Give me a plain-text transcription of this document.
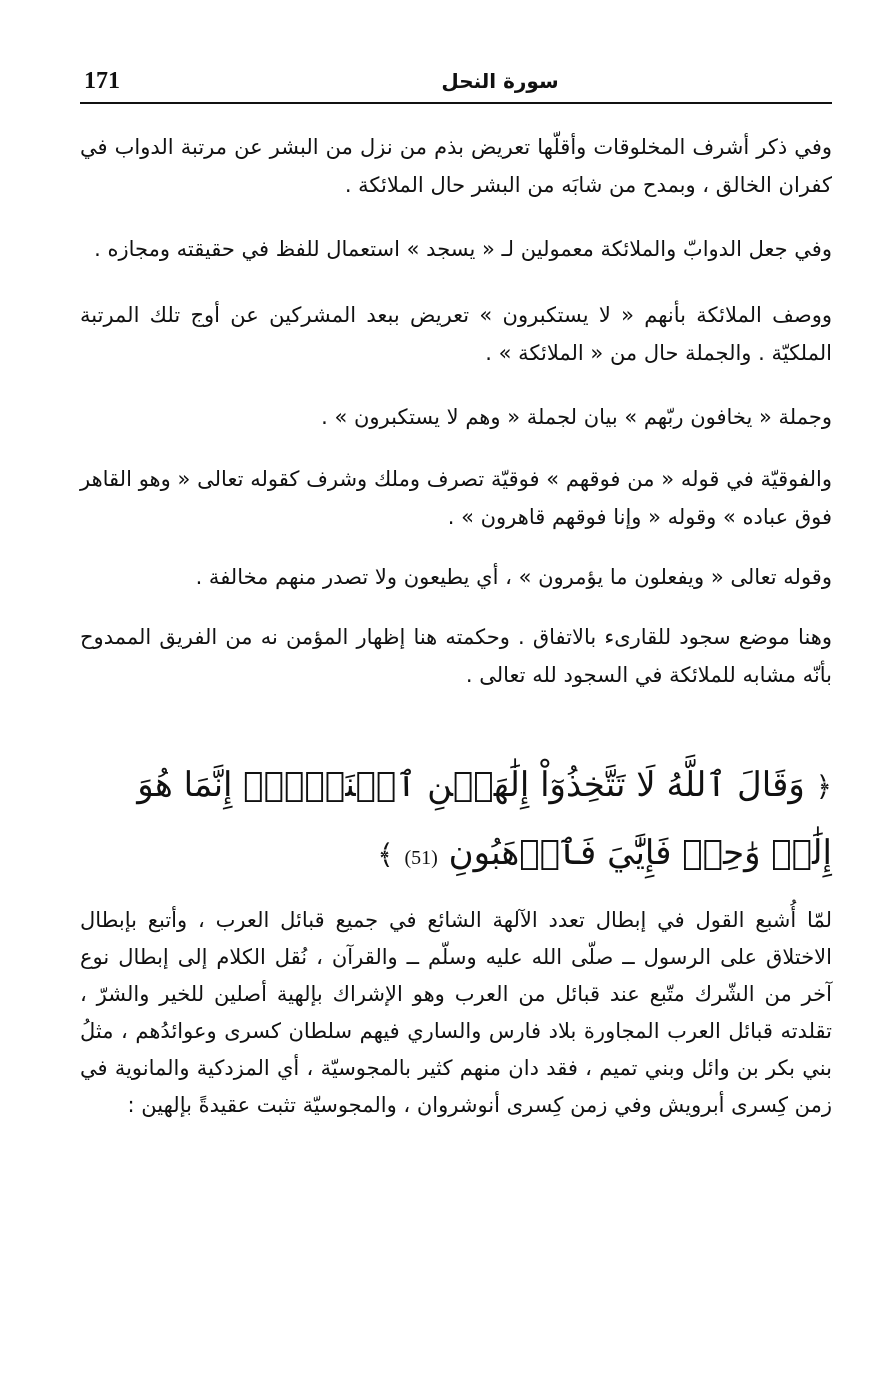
171	سورة النحل

وفي ذكر أشرف المخلوقات وأقلّها تعريض بذم من نزل من البشر عن مرتبة الدواب في كفران الخالق ، وبمدح من شابَه من البشر حال الملائكة .

وفي جعل الدوابّ والملائكة معمولين لـ « يسجد » استعمال للفظ في حقيقته ومجازه .

ووصف الملائكة بأنهم « لا يستكبرون » تعريض ببعد المشركين عن أوج تلك المرتبة الملكيّة . والجملة حال من « الملائكة » .

وجملة « يخافون ربّهم » بيان لجملة « وهم لا يستكبرون » .

والفوقيّة في قوله « من فوقهم » فوقيّة تصرف وملك وشرف كقوله تعالى « وهو القاهر فوق عباده » وقوله « وإنا فوقهم قاهرون » .

وقوله تعالى « ويفعلون ما يؤمرون » ، أي يطيعون ولا تصدر منهم مخالفة .

وهنا موضع سجود للقارىء بالاتفاق . وحكمته هنا إظهار المؤمن نه من الفريق الممدوح بأنّه مشابه للملائكة في السجود لله تعالى .

﴿ وَقَالَ ٱللَّهُ لَا تَتَّخِذُوٓاْ إِلَٰهَيۡنِ ٱثۡنَيۡنِۖ إِنَّمَا هُوَ إِلَٰهٞ وَٰحِدٞ فَإِيَّٰيَ فَٱرۡهَبُونِ (51) ﴾

لمّا أُشبع القول في إبطال تعدد الآلهة الشائع في جميع قبائل العرب ، وأتبع بإبطال الاختلاق على الرسول ــ صلّى الله عليه وسلّم ــ والقرآن ، نُقل الكلام إلى إبطال نوع آخر من الشّرك متّبع عند قبائل من العرب وهو الإشراك بإلهية أصلين للخير والشرّ ، تقلدته قبائل العرب المجاورة بلاد فارس والساري فيهم سلطان كسرى وعوائدُهم ، مثلُ بني بكر بن وائل وبني تميم ، فقد دان منهم كثير بالمجوسيّة ، أي المزدكية والمانوية في زمن كِسرى أبرويش وفي زمن كِسرى أنوشروان ، والمجوسيّة تثبت عقيدةً بإلهين :
